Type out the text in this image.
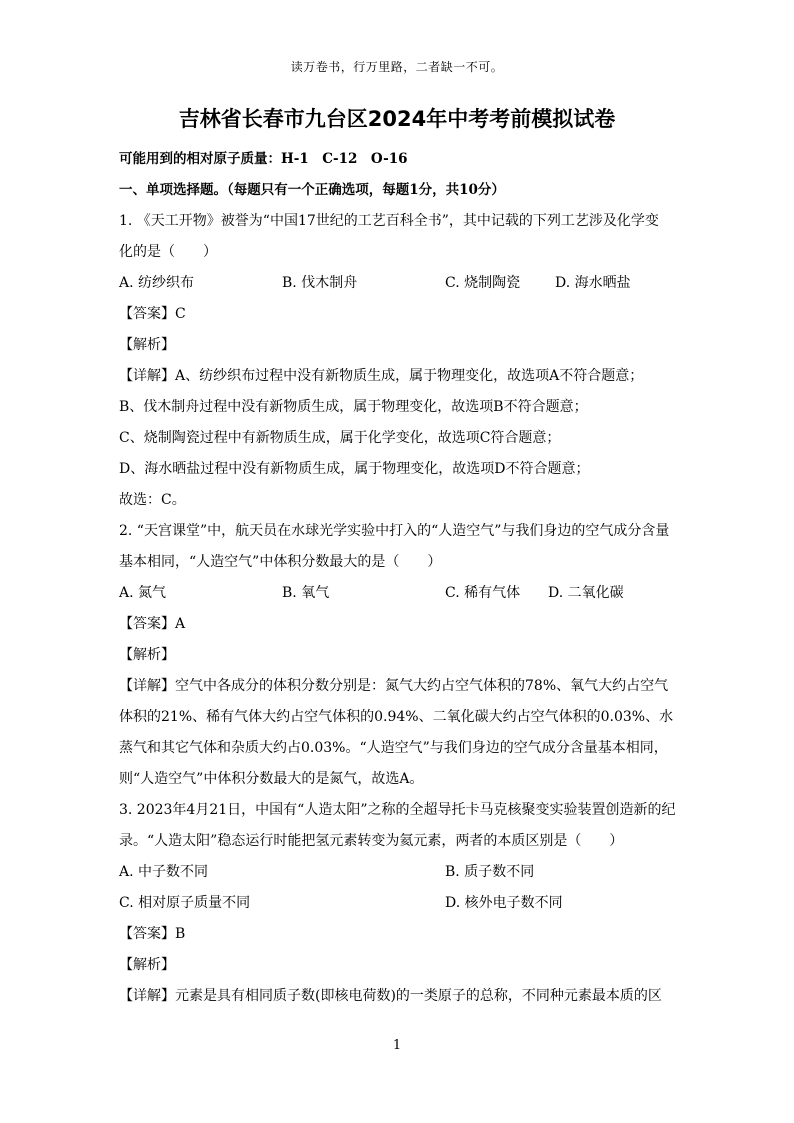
读万卷书，行万里路，二者缺一不可。
吉林省长春市九台区2024年中考考前模拟试卷
可能用到的相对原子质量：H-1　C-12　O-16
一、单项选择题。（每题只有一个正确选项，每题1分，共10分）
1. 《天工开物》被誉为“中国17世纪的工艺百科全书”，其中记载的下列工艺涉及化学变
化的是（　　）
A. 纺纱织布	B. 伐木制舟	C. 烧制陶瓷 D. 海水晒盐
【答案】C
【解析】
【详解】A、纺纱织布过程中没有新物质生成，属于物理变化，故选项A不符合题意；
B、伐木制舟过程中没有新物质生成，属于物理变化，故选项B不符合题意；
C、烧制陶瓷过程中有新物质生成，属于化学变化，故选项C符合题意；
D、海水晒盐过程中没有新物质生成，属于物理变化，故选项D不符合题意；
故选：C。
2. “天宫课堂”中，航天员在水球光学实验中打入的“人造空气”与我们身边的空气成分含量
基本相同，“人造空气”中体积分数最大的是（　　）
A. 氮气	B. 氧气	C. 稀有气体 D. 二氧化碳
【答案】A
【解析】
【详解】空气中各成分的体积分数分别是：氮气大约占空气体积的78%、氧气大约占空气
体积的21%、稀有气体大约占空气体积的0.94%、二氧化碳大约占空气体积的0.03%、水
蒸气和其它气体和杂质大约占0.03%。“人造空气”与我们身边的空气成分含量基本相同，
则“人造空气”中体积分数最大的是氮气，故选A。
3. 2023年4月21日，中国有“人造太阳”之称的全超导托卡马克核聚变实验装置创造新的纪
录。“人造太阳”稳态运行时能把氢元素转变为氦元素，两者的本质区别是（　　）
A. 中子数不同	B. 质子数不同
C. 相对原子质量不同	D. 核外电子数不同
【答案】B
【解析】
【详解】元素是具有相同质子数(即核电荷数)的一类原子的总称，不同种元素最本质的区
1
